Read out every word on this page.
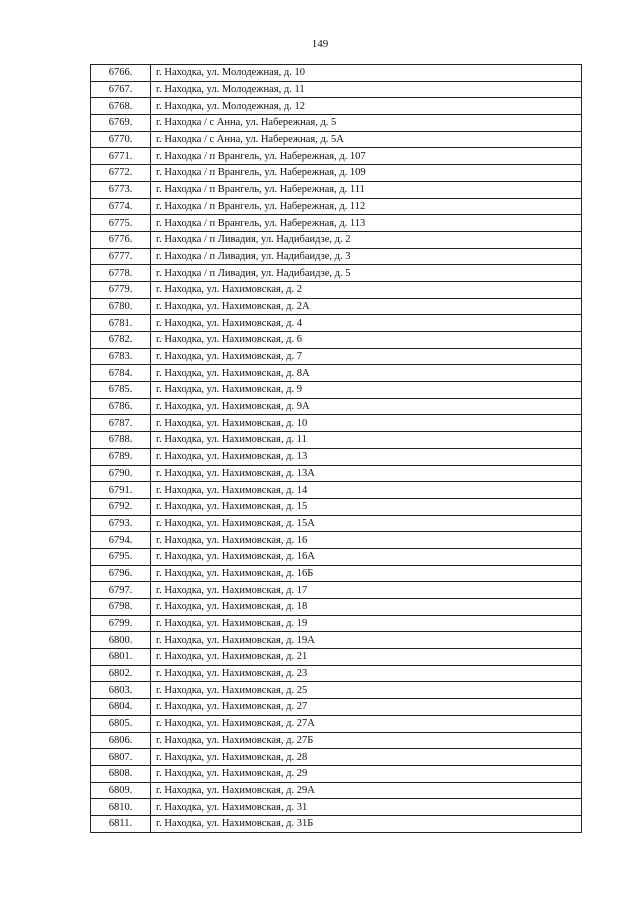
149
6766.	г. Находка, ул. Молодежная, д. 10
6767.	г. Находка, ул. Молодежная, д. 11
6768.	г. Находка, ул. Молодежная, д. 12
6769.	г. Находка / с Анна, ул. Набережная, д. 5
6770.	г. Находка / с Анна, ул. Набережная, д. 5А
6771.	г. Находка / п Врангель, ул. Набережная, д. 107
6772.	г. Находка / п Врангель, ул. Набережная, д. 109
6773.	г. Находка / п Врангель, ул. Набережная, д. 111
6774.	г. Находка / п Врангель, ул. Набережная, д. 112
6775.	г. Находка / п Врангель, ул. Набережная, д. 113
6776.	г. Находка / п Ливадия, ул. Надибаидзе, д. 2
6777.	г. Находка / п Ливадия, ул. Надибаидзе, д. 3
6778.	г. Находка / п Ливадия, ул. Надибаидзе, д. 5
6779.	г. Находка, ул. Нахимовская, д. 2
6780.	г. Находка, ул. Нахимовская, д. 2А
6781.	г. Находка, ул. Нахимовская, д. 4
6782.	г. Находка, ул. Нахимовская, д. 6
6783.	г. Находка, ул. Нахимовская, д. 7
6784.	г. Находка, ул. Нахимовская, д. 8А
6785.	г. Находка, ул. Нахимовская, д. 9
6786.	г. Находка, ул. Нахимовская, д. 9А
6787.	г. Находка, ул. Нахимовская, д. 10
6788.	г. Находка, ул. Нахимовская, д. 11
6789.	г. Находка, ул. Нахимовская, д. 13
6790.	г. Находка, ул. Нахимовская, д. 13А
6791.	г. Находка, ул. Нахимовская, д. 14
6792.	г. Находка, ул. Нахимовская, д. 15
6793.	г. Находка, ул. Нахимовская, д. 15А
6794.	г. Находка, ул. Нахимовская, д. 16
6795.	г. Находка, ул. Нахимовская, д. 16А
6796.	г. Находка, ул. Нахимовская, д. 16Б
6797.	г. Находка, ул. Нахимовская, д. 17
6798.	г. Находка, ул. Нахимовская, д. 18
6799.	г. Находка, ул. Нахимовская, д. 19
6800.	г. Находка, ул. Нахимовская, д. 19А
6801.	г. Находка, ул. Нахимовская, д. 21
6802.	г. Находка, ул. Нахимовская, д. 23
6803.	г. Находка, ул. Нахимовская, д. 25
6804.	г. Находка, ул. Нахимовская, д. 27
6805.	г. Находка, ул. Нахимовская, д. 27А
6806.	г. Находка, ул. Нахимовская, д. 27Б
6807.	г. Находка, ул. Нахимовская, д. 28
6808.	г. Находка, ул. Нахимовская, д. 29
6809.	г. Находка, ул. Нахимовская, д. 29А
6810.	г. Находка, ул. Нахимовская, д. 31
6811.	г. Находка, ул. Нахимовская, д. 31Б
